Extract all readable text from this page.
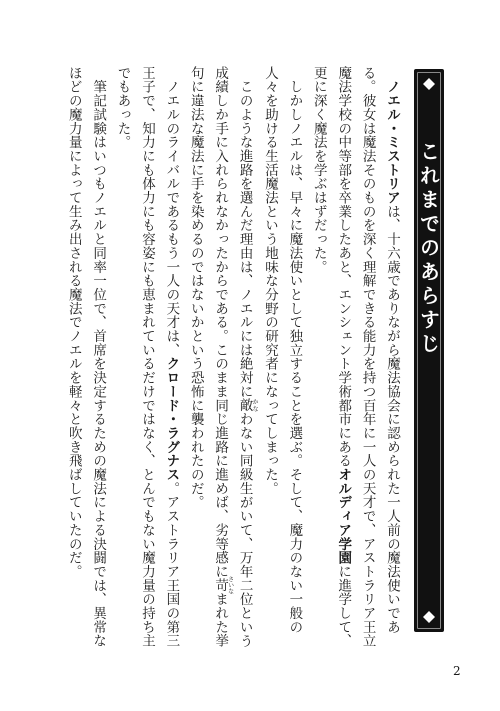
これまでのあらすじ

　ノエル・ミストリアは、十六歳でありながら魔法協会に認められた一人前の魔法使いである。彼女は魔法そのものを深く理解できる能力を持つ百年に一人の天才で、アストラリア王立魔法学校の中等部を卒業したあと、エンシェント学術都市にあるオルディア学園に進学して、更に深く魔法を学ぶはずだった。

　しかしノエルは、早々に魔法使いとして独立することを選ぶ。そして、魔力のない一般の人々を助ける生活魔法という地味な分野の研究者になってしまった。

　このような進路を選んだ理由は、ノエルには絶対に敵かなわない同級生がいて、万年二位という成績しか手に入れられなかったからである。このまま同じ進路に進めば、劣等感に苛さいなまれた挙句に違法な魔法に手を染めるのではないかという恐怖に襲われたのだ。

　ノエルのライバルであるもう一人の天才は、クロード・ラグナス。アストラリア王国の第三王子で、知力にも体力にも容姿にも恵まれているだけではなく、とんでもない魔力量の持ち主でもあった。

　筆記試験はいつもノエルと同率一位で、首席を決定するための魔法による決闘では、異常なほどの魔力量によって生み出される魔法でノエルを軽々と吹き飛ばしていたのだ。

2
